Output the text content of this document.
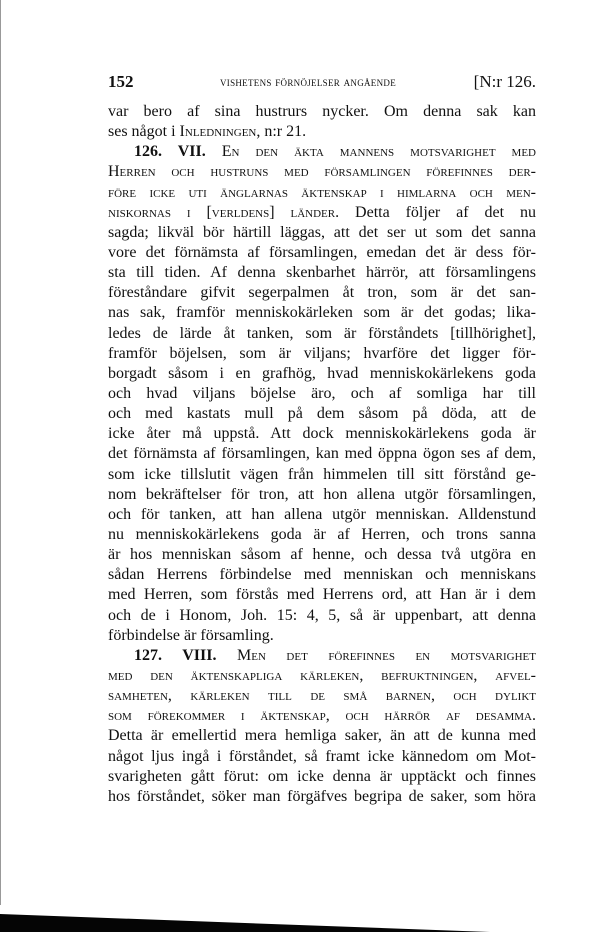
152	vishetens förnöjelser angående	[N:r 126.
var bero af sina hustrurs nycker. Om denna sak kan
ses något i Inledningen, n:r 21.
126. VII. En den äkta mannens motsvarighet med
Herren och hustruns med församlingen förefinnes der-
före icke uti änglarnas äktenskap i himlarna och men-
niskornas i [verldens] länder. Detta följer af det nu
sagda; likväl bör härtill läggas, att det ser ut som det sanna
vore det förnämsta af församlingen, emedan det är dess för-
sta till tiden. Af denna skenbarhet härrör, att församlingens
föreståndare gifvit segerpalmen åt tron, som är det san-
nas sak, framför menniskokärleken som är det godas; lika-
ledes de lärde åt tanken, som är förståndets [tillhörighet],
framför böjelsen, som är viljans; hvarföre det ligger för-
borgadt såsom i en grafhög, hvad menniskokärlekens goda
och hvad viljans böjelse äro, och af somliga har till
och med kastats mull på dem såsom på döda, att de
icke åter må uppstå. Att dock menniskokärlekens goda är
det förnämsta af församlingen, kan med öppna ögon ses af dem,
som icke tillslutit vägen från himmelen till sitt förstånd ge-
nom bekräftelser för tron, att hon allena utgör församlingen,
och för tanken, att han allena utgör menniskan. Alldenstund
nu menniskokärlekens goda är af Herren, och trons sanna
är hos menniskan såsom af henne, och dessa två utgöra en
sådan Herrens förbindelse med menniskan och menniskans
med Herren, som förstås med Herrens ord, att Han är i dem
och de i Honom, Joh. 15: 4, 5, så är uppenbart, att denna
förbindelse är församling.
127. VIII. Men det förefinnes en motsvarighet
med den äktenskapliga kärleken, befruktningen, afvel-
samheten, kärleken till de små barnen, och dylikt
som förekommer i äktenskap, och härrör af desamma.
Detta är emellertid mera hemliga saker, än att de kunna med
något ljus ingå i förståndet, så framt icke kännedom om Mot-
svarigheten gått förut: om icke denna är upptäckt och finnes
hos förståndet, söker man förgäfves begripa de saker, som höra
